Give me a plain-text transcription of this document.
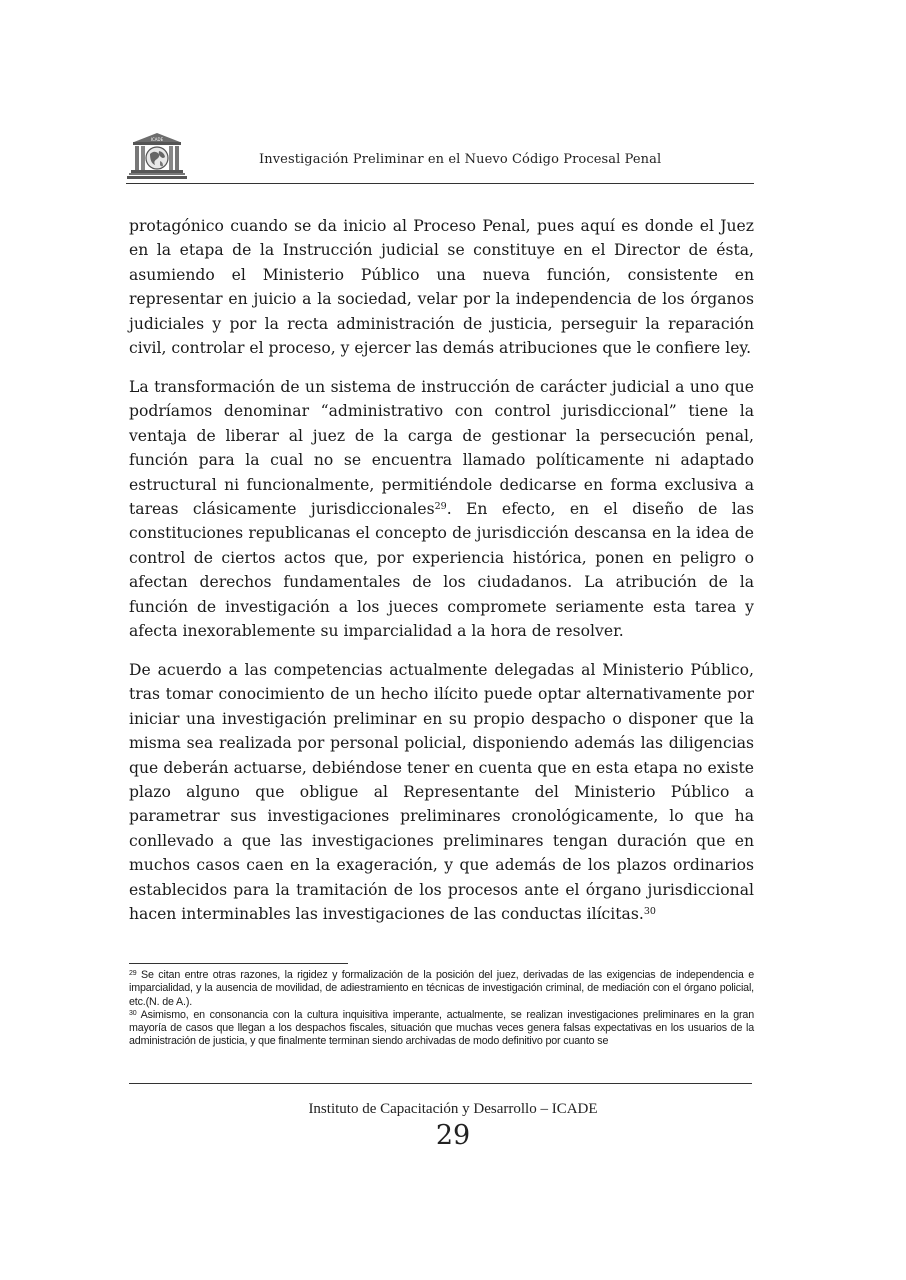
ICADE
Investigación Preliminar en el Nuevo Código Procesal Penal

protagónico cuando se da inicio al Proceso Penal, pues aquí es donde el Juez en la etapa de la Instrucción judicial se constituye en el Director de ésta, asumiendo el Ministerio Público una nueva función, consistente en representar en juicio a la sociedad, velar por la independencia de los órganos judiciales y por la recta administración de justicia, perseguir la reparación civil, controlar el proceso, y ejercer las demás atribuciones que le confiere ley.

La transformación de un sistema de instrucción de carácter judicial a uno que podríamos denominar “administrativo con control jurisdiccional” tiene la ventaja de liberar al juez de la carga de gestionar la persecución penal, función para la cual no se encuentra llamado políticamente ni adaptado estructural ni funcionalmente, permitiéndole dedicarse en forma exclusiva a tareas clásicamente jurisdiccionales$^{29}$. En efecto, en el diseño de las constituciones republicanas el concepto de jurisdicción descansa en la idea de control de ciertos actos que, por experiencia histórica, ponen en peligro o afectan derechos fundamentales de los ciudadanos. La atribución de la función de investigación a los jueces compromete seriamente esta tarea y afecta inexorablemente su imparcialidad a la hora de resolver.

De acuerdo a las competencias actualmente delegadas al Ministerio Público, tras tomar conocimiento de un hecho ilícito puede optar alternativamente por iniciar una investigación preliminar en su propio despacho o disponer que la misma sea realizada por personal policial, disponiendo además las diligencias que deberán actuarse, debiéndose tener en cuenta que en esta etapa no existe plazo alguno que obligue al Representante del Ministerio Público a parametrar sus investigaciones preliminares cronológicamente, lo que ha conllevado a que las investigaciones preliminares tengan duración que en muchos casos caen en la exageración, y que además de los plazos ordinarios establecidos para la tramitación de los procesos ante el órgano jurisdiccional hacen interminables las investigaciones de las conductas ilícitas.$^{30}$

$^{29}$ Se citan entre otras razones, la rigidez y formalización de la posición del juez, derivadas de las exigencias de independencia e imparcialidad, y la ausencia de movilidad, de adiestramiento en técnicas de investigación criminal, de mediación con el órgano policial, etc.(N. de A.).

$^{30}$ Asimismo, en consonancia con la cultura inquisitiva imperante, actualmente, se realizan investigaciones preliminares en la gran mayoría de casos que llegan a los despachos fiscales, situación que muchas veces genera falsas expectativas en los usuarios de la administración de justicia, y que finalmente terminan siendo archivadas de modo definitivo por cuanto se

Instituto de Capacitación y Desarrollo – ICADE
29
